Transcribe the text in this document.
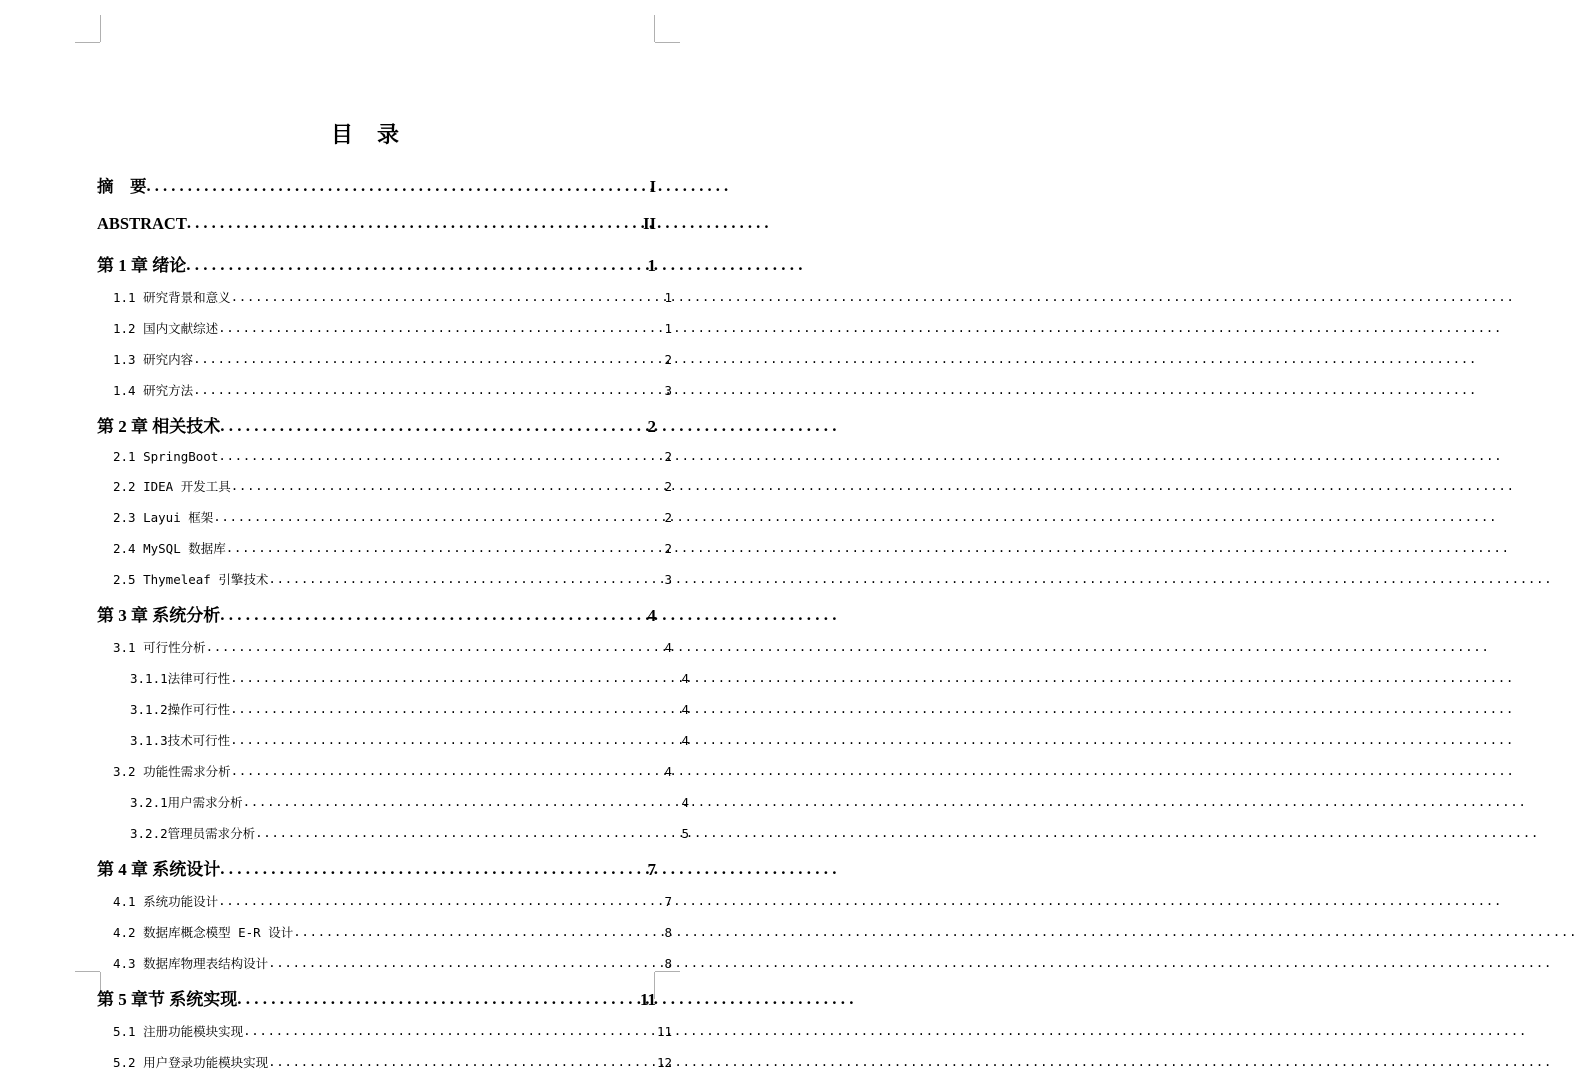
目　录
摘　要 . . .	I
ABSTRACT . . .	II
第 1 章 绪论 . . .	1
1.1 研究背景和意义 .....	1
1.2 国内文献综述 .....	1
1.3 研究内容 .....	2
1.4 研究方法 .....	3
第 2 章 相关技术 . . .	2
2.1 SpringBoot .....	2
2.2 IDEA 开发工具 .....	2
2.3 Layui 框架 .....	2
2.4 MySQL 数据库 .....	2
2.5 Thymeleaf 引擎技术 .....	3
第 3 章 系统分析 . . .	4
3.1 可行性分析 .....	4
3.1.1法律可行性 .....	4
3.1.2操作可行性 .....	4
3.1.3技术可行性 .....	4
3.2 功能性需求分析 .....	4
3.2.1用户需求分析 .....	4
3.2.2管理员需求分析 .....	5
第 4 章 系统设计 . . .	7
4.1 系统功能设计 .....	7
4.2 数据库概念模型 E-R 设计 .....	8
4.3 数据库物理表结构设计 .....	8
第 5 章节 系统实现 . . .	11
5.1 注册功能模块实现 .....	11
5.2 用户登录功能模块实现 .....	12
